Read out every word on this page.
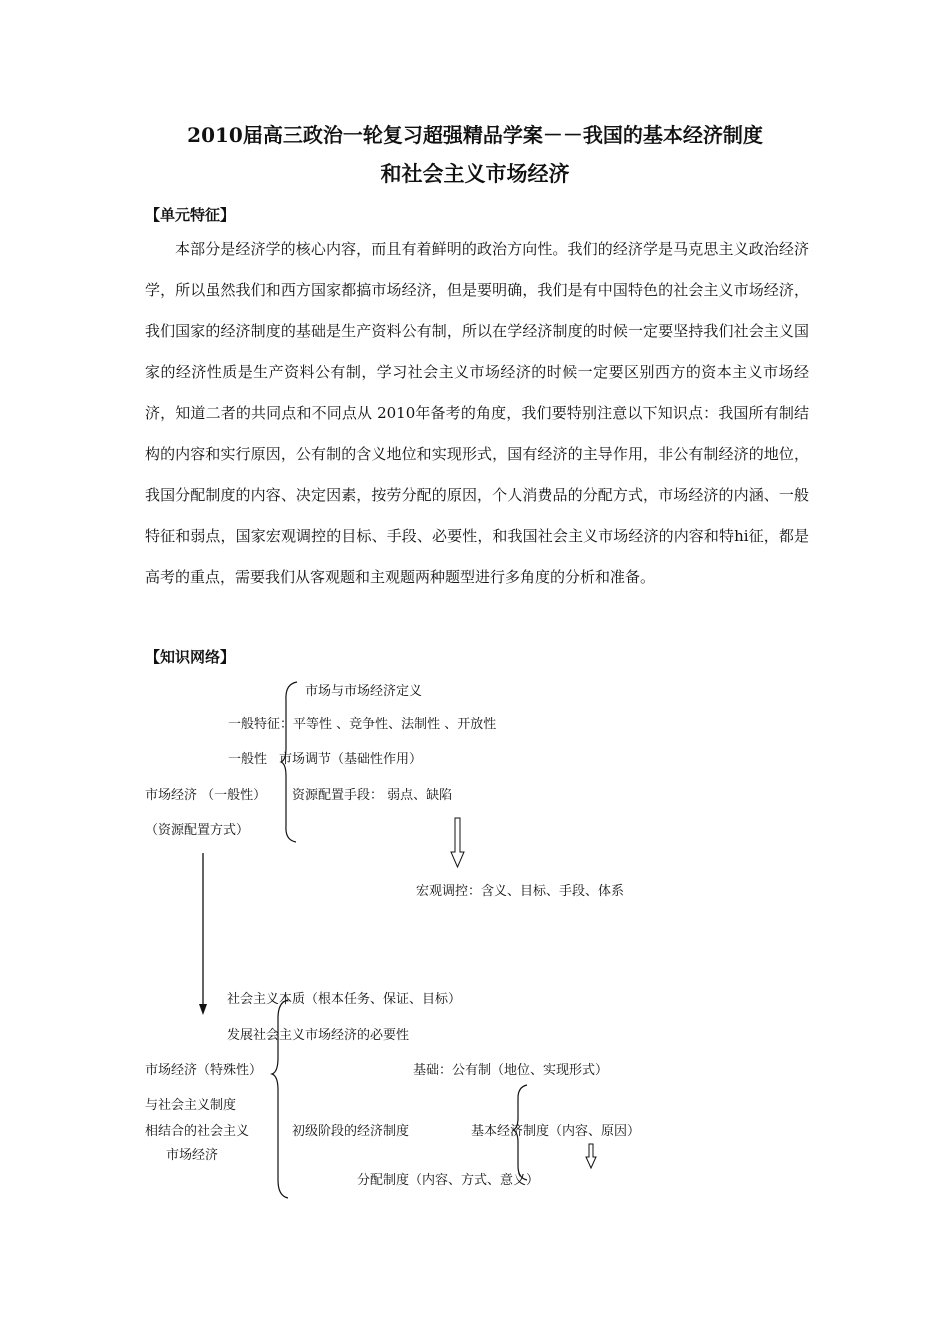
2010届高三政治一轮复习超强精品学案－－我国的基本经济制度
和社会主义市场经济

【单元特征】

本部分是经济学的核心内容，而且有着鲜明的政治方向性。我们的经济学是马克思主义政治经济学，所以虽然我们和西方国家都搞市场经济，但是要明确，我们是有中国特色的社会主义市场经济，我们国家的经济制度的基础是生产资料公有制，所以在学经济制度的时候一定要坚持我们社会主义国家的经济性质是生产资料公有制，学习社会主义市场经济的时候一定要区别西方的资本主义市场经济，知道二者的共同点和不同点从 2010年备考的角度，我们要特别注意以下知识点：我国所有制结构的内容和实行原因，公有制的含义地位和实现形式，国有经济的主导作用，非公有制经济的地位，我国分配制度的内容、决定因素，按劳分配的原因，个人消费品的分配方式，市场经济的内涵、一般特征和弱点，国家宏观调控的目标、手段、必要性，和我国社会主义市场经济的内容和特hi征，都是高考的重点，需要我们从客观题和主观题两种题型进行多角度的分析和准备。

【知识网络】

市场与市场经济定义
一般特征：平等性 、竞争性、法制性 、开放性
一般性 市场调节（基础性作用）
市场经济 （一般性） 资源配置手段： 弱点、缺陷
（资源配置方式）
宏观调控：含义、目标、手段、体系
社会主义本质（根本任务、保证、目标）
发展社会主义市场经济的必要性
市场经济（特殊性）	基础：公有制（地位、实现形式）
与社会主义制度
相结合的社会主义
市场经济
初级阶段的经济制度	基本经济制度（内容、原因）
分配制度（内容、方式、意义）
